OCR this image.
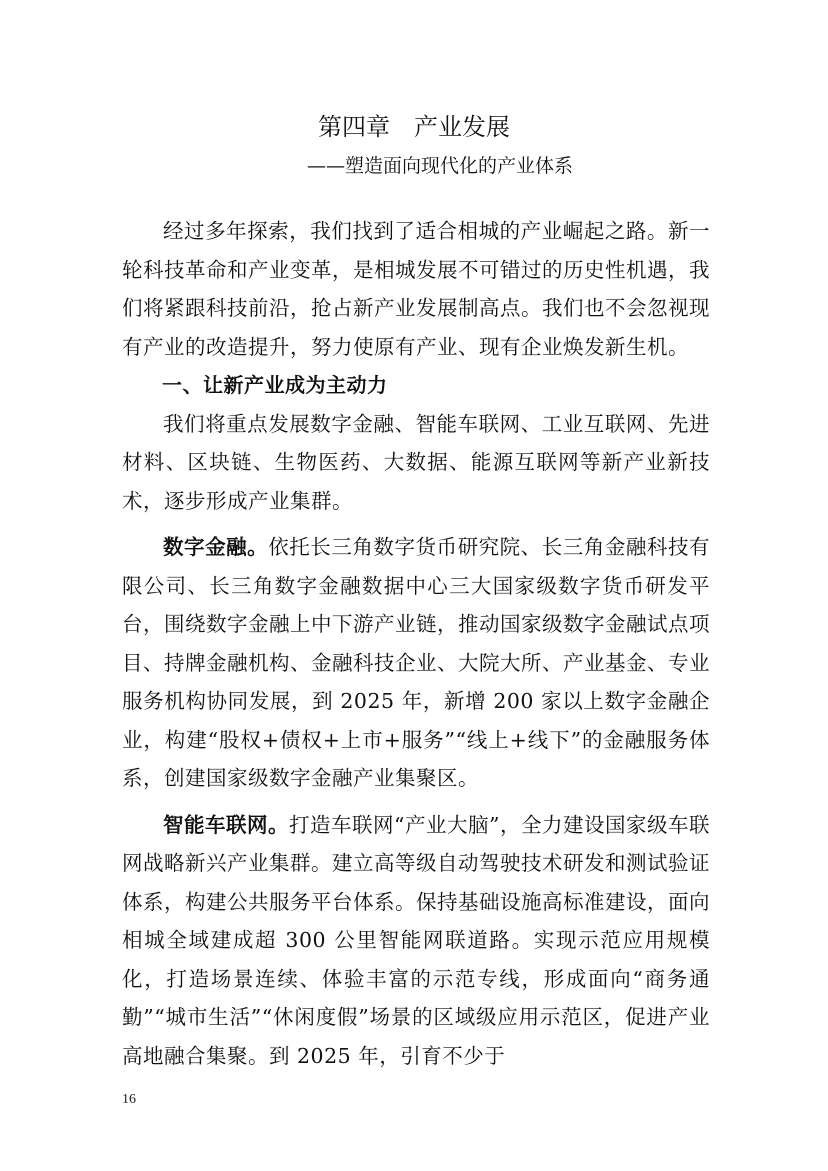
第四章　产业发展
——塑造面向现代化的产业体系

经过多年探索，我们找到了适合相城的产业崛起之路。新一轮科技革命和产业变革，是相城发展不可错过的历史性机遇，我们将紧跟科技前沿，抢占新产业发展制高点。我们也不会忽视现有产业的改造提升，努力使原有产业、现有企业焕发新生机。

一、让新产业成为主动力

我们将重点发展数字金融、智能车联网、工业互联网、先进材料、区块链、生物医药、大数据、能源互联网等新产业新技术，逐步形成产业集群。

数字金融。依托长三角数字货币研究院、长三角金融科技有限公司、长三角数字金融数据中心三大国家级数字货币研发平台，围绕数字金融上中下游产业链，推动国家级数字金融试点项目、持牌金融机构、金融科技企业、大院大所、产业基金、专业服务机构协同发展，到 2025 年，新增 200 家以上数字金融企业，构建“股权+债权+上市+服务”“线上+线下”的金融服务体系，创建国家级数字金融产业集聚区。

智能车联网。打造车联网“产业大脑”，全力建设国家级车联网战略新兴产业集群。建立高等级自动驾驶技术研发和测试验证体系，构建公共服务平台体系。保持基础设施高标准建设，面向相城全域建成超 300 公里智能网联道路。实现示范应用规模化，打造场景连续、体验丰富的示范专线，形成面向“商务通勤”“城市生活”“休闲度假”场景的区域级应用示范区，促进产业高地融合集聚。到 2025 年，引育不少于

16
